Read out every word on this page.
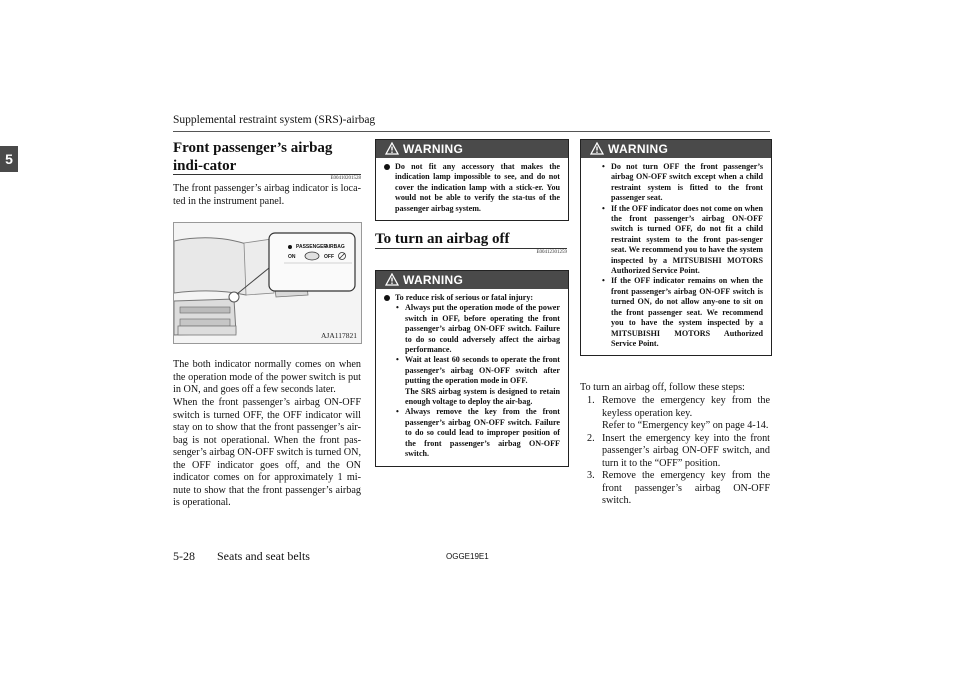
Supplemental restraint system (SRS)-airbag
5
Front passenger’s airbag indi-cator
E00410201528
The front passenger’s airbag indicator is loca-ted in the instrument panel.
PASSENGER
AIRBAG
ON	OFF
AJA117821
The both indicator normally comes on when the operation mode of the power switch is put in ON, and goes off a few seconds later.
When the front passenger’s airbag ON-OFF switch is turned OFF, the OFF indicator will stay on to show that the front passenger’s air-bag is not operational. When the front pas-senger’s airbag ON-OFF switch is turned ON, the OFF indicator goes off, and the ON indicator comes on for approximately 1 mi-nute to show that the front passenger’s airbag is operational.
WARNING
Do not fit any accessory that makes the indication lamp impossible to see, and do not cover the indication lamp with a stick-er. You would not be able to verify the sta-tus of the passenger airbag system.
To turn an airbag off
E00412301259
WARNING
To reduce risk of serious or fatal injury:
• Always put the operation mode of the power switch in OFF, before operating the front passenger’s airbag ON-OFF switch. Failure to do so could adversely affect the airbag performance.
• Wait at least 60 seconds to operate the front passenger’s airbag ON-OFF switch after putting the operation mode in OFF.
The SRS airbag system is designed to retain enough voltage to deploy the air-bag.
• Always remove the key from the front passenger’s airbag ON-OFF switch. Failure to do so could lead to improper position of the front passenger’s airbag ON-OFF switch.
WARNING
• Do not turn OFF the front passenger’s airbag ON-OFF switch except when a child restraint system is fitted to the front passenger seat.
• If the OFF indicator does not come on when the front passenger’s airbag ON-OFF switch is turned OFF, do not fit a child restraint system to the front pas-senger seat. We recommend you to have the system inspected by a MITSUBISHI MOTORS Authorized Service Point.
• If the OFF indicator remains on when the front passenger’s airbag ON-OFF switch is turned ON, do not allow any-one to sit on the front passenger seat. We recommend you to have the system inspected by a MITSUBISHI MOTORS Authorized Service Point.
To turn an airbag off, follow these steps:
1. Remove the emergency key from the keyless operation key.
Refer to “Emergency key” on page 4-14.
2. Insert the emergency key into the front passenger’s airbag ON-OFF switch, and turn it to the “OFF” position.
3. Remove the emergency key from the front passenger’s airbag ON-OFF switch.
5-28 Seats and seat belts	OGGE19E1
